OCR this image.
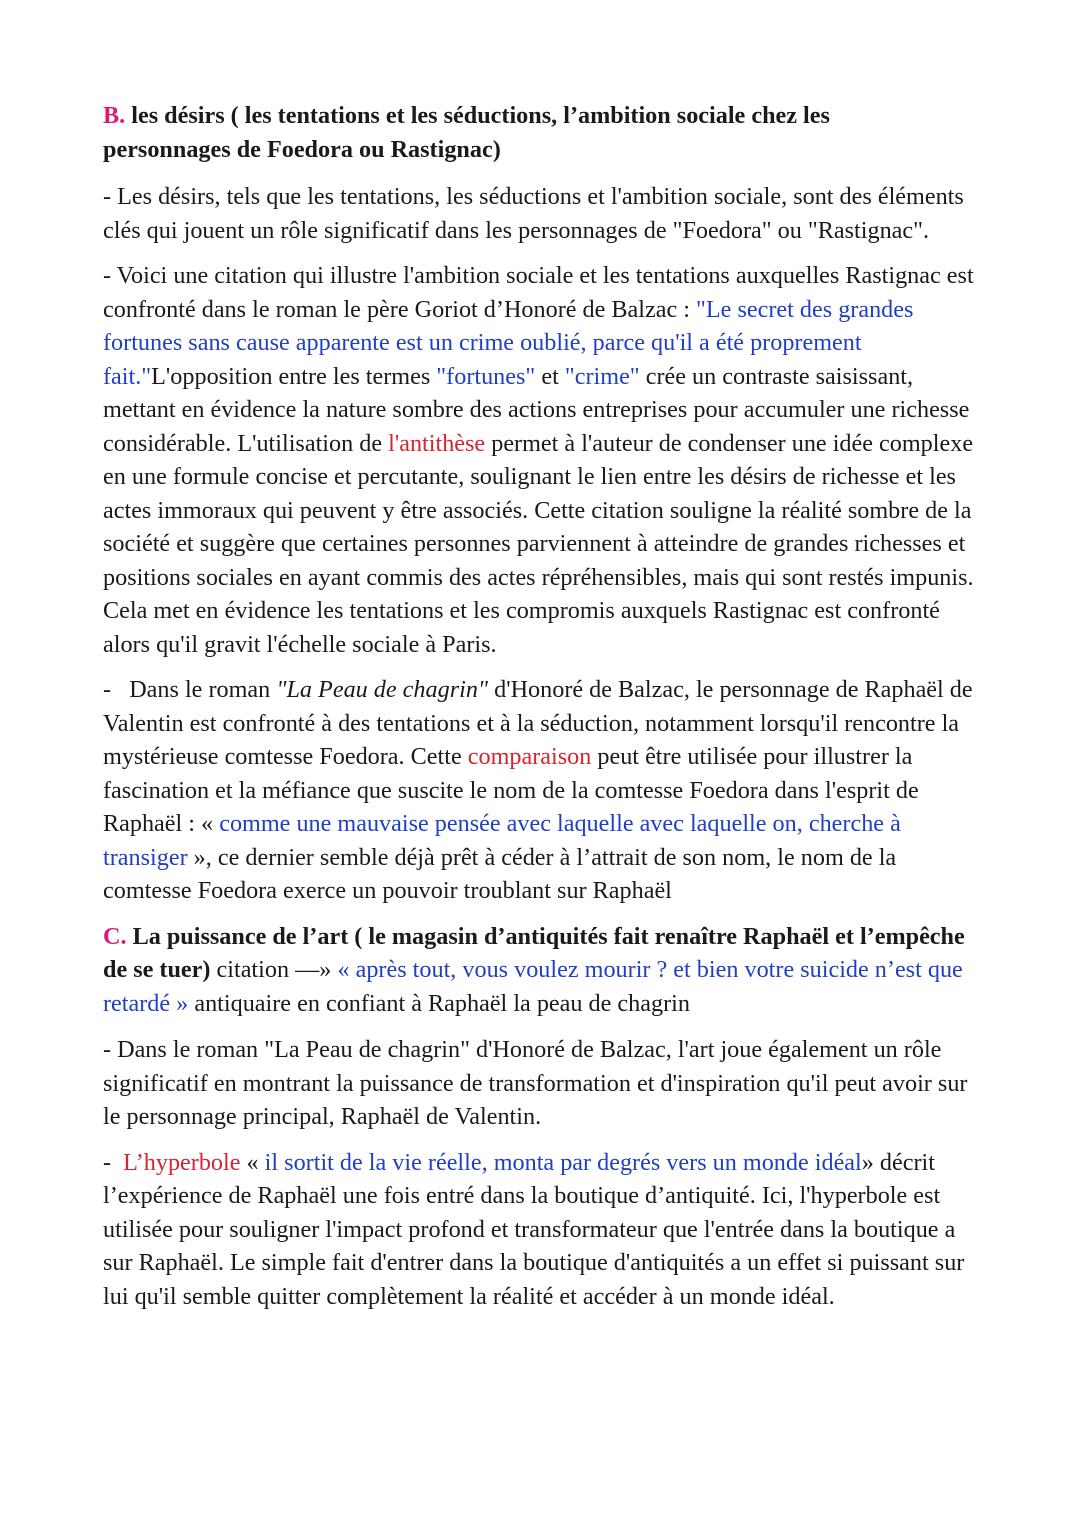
B. les désirs ( les tentations et les séductions, l’ambition sociale chez les
personnages de Foedora ou Rastignac)

- Les désirs, tels que les tentations, les séductions et l'ambition sociale, sont des éléments clés qui jouent un rôle significatif dans les personnages de "Foedora" ou "Rastignac".

- Voici une citation qui illustre l'ambition sociale et les tentations auxquelles Rastignac est confronté dans le roman le père Goriot d’Honoré de Balzac : "Le secret des grandes fortunes sans cause apparente est un crime oublié, parce qu'il a été proprement fait."L'opposition entre les termes "fortunes" et "crime" crée un contraste saisissant, mettant en évidence la nature sombre des actions entreprises pour accumuler une richesse considérable. L'utilisation de l'antithèse permet à l'auteur de condenser une idée complexe en une formule concise et percutante, soulignant le lien entre les désirs de richesse et les actes immoraux qui peuvent y être associés. Cette citation souligne la réalité sombre de la société et suggère que certaines personnes parviennent à atteindre de grandes richesses et positions sociales en ayant commis des actes répréhensibles, mais qui sont restés impunis. Cela met en évidence les tentations et les compromis auxquels Rastignac est confronté alors qu'il gravit l'échelle sociale à Paris.

-   Dans le roman "La Peau de chagrin" d'Honoré de Balzac, le personnage de Raphaël de Valentin est confronté à des tentations et à la séduction, notamment lorsqu'il rencontre la mystérieuse comtesse Foedora. Cette comparaison peut être utilisée pour illustrer la fascination et la méfiance que suscite le nom de la comtesse Foedora dans l'esprit de Raphaël : « comme une mauvaise pensée avec laquelle avec laquelle on, cherche à transiger », ce dernier semble déjà prêt à céder à l’attrait de son nom, le nom de la comtesse Foedora exerce un pouvoir troublant sur Raphaël

C. La puissance de l’art ( le magasin d’antiquités fait renaître Raphaël et l’empêche de se tuer) citation —» « après tout, vous voulez mourir ? et bien votre suicide n’est que retardé » antiquaire en confiant à Raphaël la peau de chagrin

- Dans le roman "La Peau de chagrin" d'Honoré de Balzac, l'art joue également un rôle significatif en montrant la puissance de transformation et d'inspiration qu'il peut avoir sur le personnage principal, Raphaël de Valentin.

-  L’hyperbole « il sortit de la vie réelle, monta par degrés vers un monde idéal» décrit l’expérience de Raphaël une fois entré dans la boutique d’antiquité. Ici, l'hyperbole est utilisée pour souligner l'impact profond et transformateur que l'entrée dans la boutique a sur Raphaël. Le simple fait d'entrer dans la boutique d'antiquités a un effet si puissant sur lui qu'il semble quitter complètement la réalité et accéder à un monde idéal.
